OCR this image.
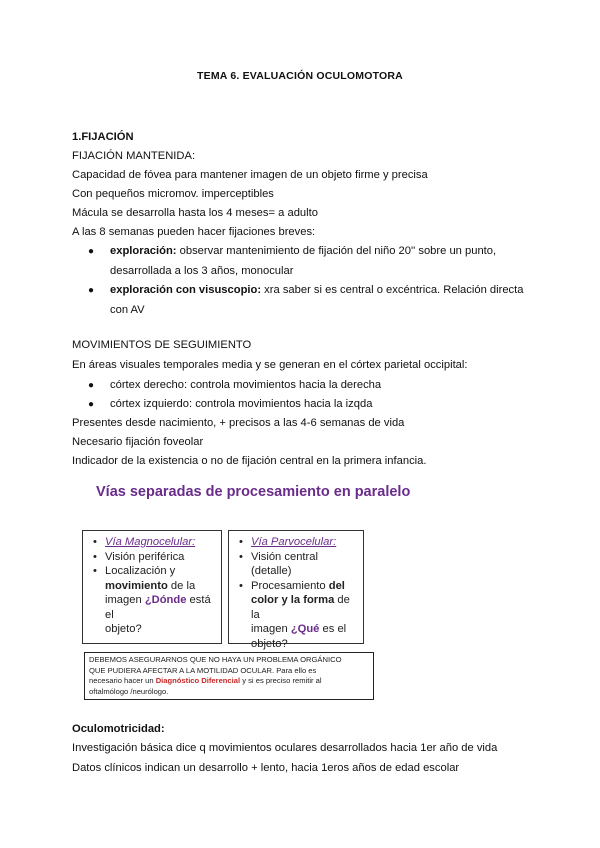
TEMA 6. EVALUACIÓN OCULOMOTORA
1.FIJACIÓN
FIJACIÓN MANTENIDA:
Capacidad de fóvea para mantener imagen de un objeto firme y precisa
Con pequeños micromov. imperceptibles
Mácula se desarrolla hasta los 4 meses= a adulto
A las 8 semanas pueden hacer fijaciones breves:
● exploración: observar mantenimiento de fijación del niño 20'' sobre un punto,
desarrollada a los 3 años, monocular
● exploración con visuscopio: xra saber si es central o excéntrica. Relación directa
con AV
MOVIMIENTOS DE SEGUIMIENTO
En áreas visuales temporales media y se generan en el córtex parietal occipital:
● córtex derecho: controla movimientos hacia la derecha
● córtex izquierdo: controla movimientos hacia la izqda
Presentes desde nacimiento, + precisos a las 4-6 semanas de vida
Necesario fijación foveolar
Indicador de la existencia o no de fijación central en la primera infancia.
Vías separadas de procesamiento en paralelo
• Vía Magnocelular:
• Visión periférica
• Localización y
movimiento de la
imagen ¿Dónde está el
objeto?
• Vía Parvocelular:
• Visión central (detalle)
• Procesamiento del
color y la forma de la
imagen ¿Qué es el
objeto?
DEBEMOS ASEGURARNOS QUE NO HAYA UN PROBLEMA ORGÁNICO
QUE PUDIERA AFECTAR A LA MOTILIDAD OCULAR. Para ello es
necesario hacer un Diagnóstico Diferencial y si es preciso remitir al
oftalmólogo /neurólogo.
Oculomotricidad:
Investigación básica dice q movimientos oculares desarrollados hacia 1er año de vida
Datos clínicos indican un desarrollo + lento, hacia 1eros años de edad escolar
